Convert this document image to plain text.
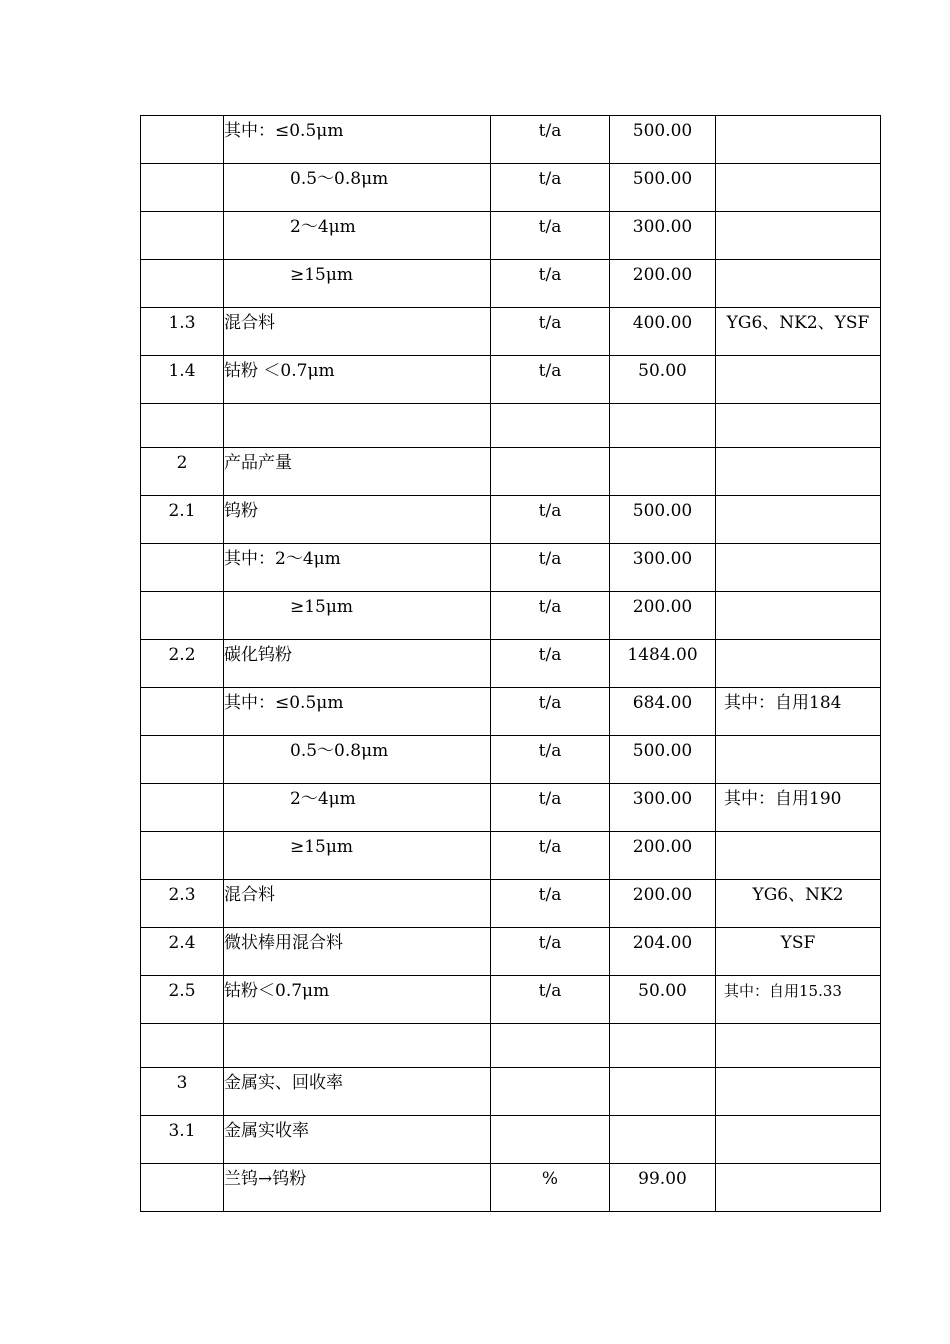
	其中：≤0.5μm	t/a	500.00	
	0.5～0.8μm	t/a	500.00	
	2～4μm	t/a	300.00	
	≥15μm	t/a	200.00	
1.3	混合料	t/a	400.00	YG6、NK2、YSF
1.4	钴粉 ＜0.7μm	t/a	50.00	

2	产品产量			
2.1	钨粉	t/a	500.00	
	其中：2～4μm	t/a	300.00	
	≥15μm	t/a	200.00	
2.2	碳化钨粉	t/a	1484.00	
	其中：≤0.5μm	t/a	684.00	其中：自用184
	0.5～0.8μm	t/a	500.00	
	2～4μm	t/a	300.00	其中：自用190
	≥15μm	t/a	200.00	
2.3	混合料	t/a	200.00	YG6、NK2
2.4	微状棒用混合料	t/a	204.00	YSF
2.5	钴粉＜0.7μm	t/a	50.00	其中：自用15.33

3	金属实、回收率			
3.1	金属实收率			
	兰钨→钨粉	%	99.00	
